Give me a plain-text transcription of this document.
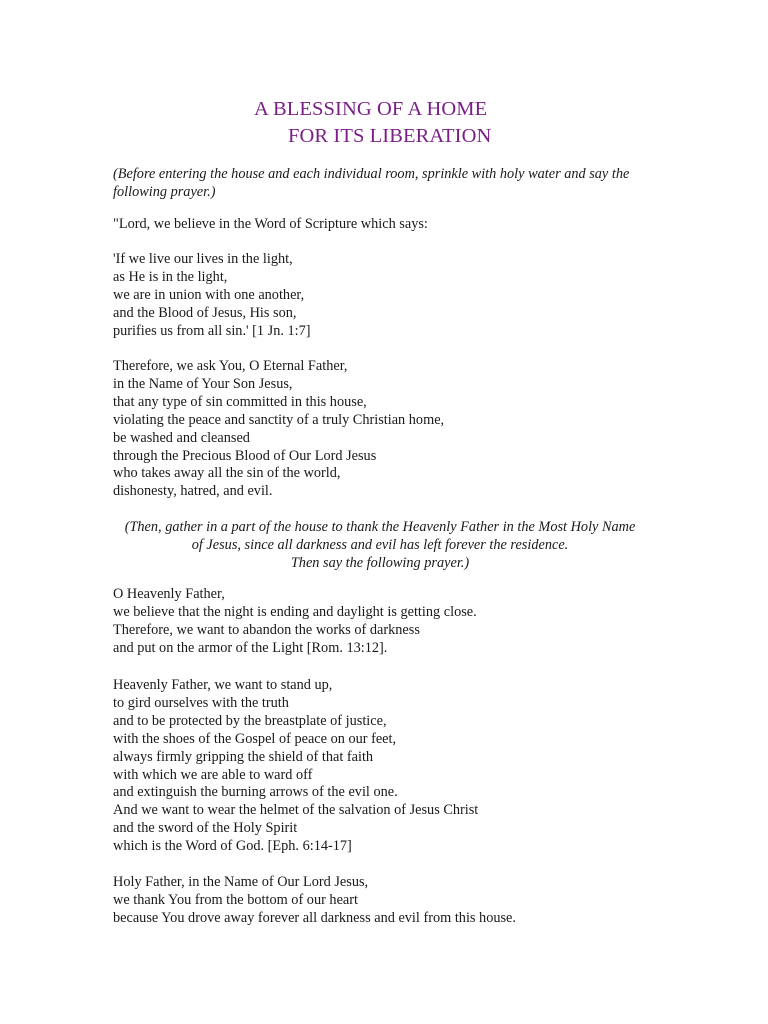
A BLESSING OF A HOME
FOR ITS LIBERATION
(Before entering the house and each individual room, sprinkle with holy water and say the following prayer.)
"Lord, we believe in the Word of Scripture which says:
'If we live our lives in the light,
as He is in the light,
we are in union with one another,
and the Blood of Jesus, His son,
purifies us from all sin.' [1 Jn. 1:7]
Therefore, we ask You, O Eternal Father,
in the Name of Your Son Jesus,
that any type of sin committed in this house,
violating the peace and sanctity of a truly Christian home,
be washed and cleansed
through the Precious Blood of Our Lord Jesus
who takes away all the sin of the world,
dishonesty, hatred, and evil.
(Then, gather in a part of the house to thank the Heavenly Father in the Most Holy Name
of Jesus, since all darkness and evil has left forever the residence.
Then say the following prayer.)
O Heavenly Father,
we believe that the night is ending and daylight is getting close.
Therefore, we want to abandon the works of darkness
and put on the armor of the Light [Rom. 13:12].
Heavenly Father, we want to stand up,
to gird ourselves with the truth
and to be protected by the breastplate of justice,
with the shoes of the Gospel of peace on our feet,
always firmly gripping the shield of that faith
with which we are able to ward off
and extinguish the burning arrows of the evil one.
And we want to wear the helmet of the salvation of Jesus Christ
and the sword of the Holy Spirit
which is the Word of God. [Eph. 6:14-17]
Holy Father, in the Name of Our Lord Jesus,
we thank You from the bottom of our heart
because You drove away forever all darkness and evil from this house.
